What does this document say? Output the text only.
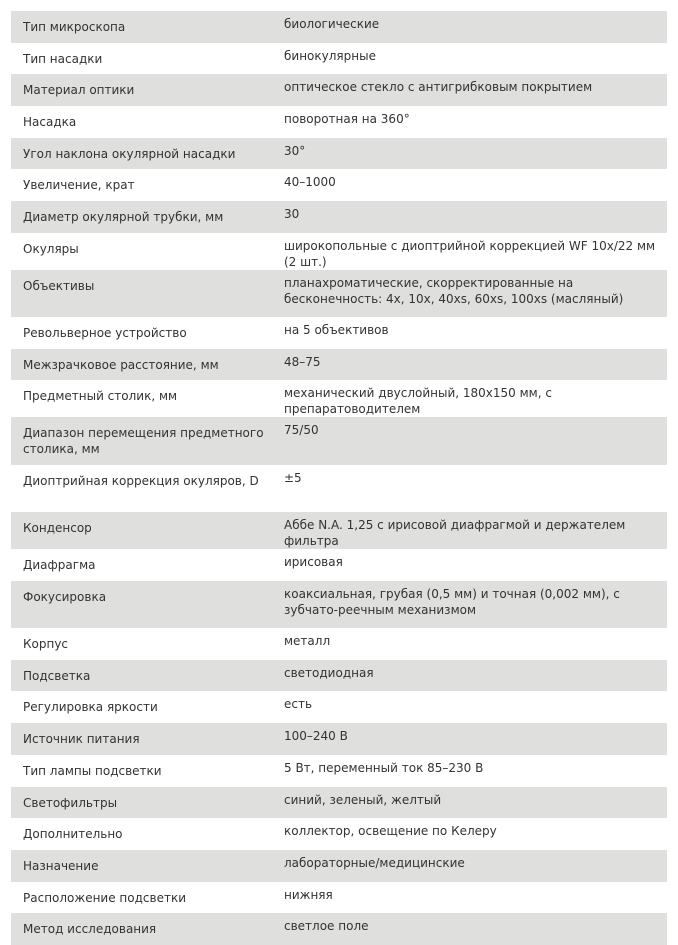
Тип микроскопа	биологические
Тип насадки	бинокулярные
Материал оптики	оптическое стекло с антигрибковым покрытием
Насадка	поворотная на 360°
Угол наклона окулярной насадки	30°
Увеличение, крат	40–1000
Диаметр окулярной трубки, мм	30
Окуляры	широкопольные с диоптрийной коррекцией WF 10x/22 мм (2 шт.)
Объективы	планахроматические, скорректированные на бесконечность: 4x, 10x, 40xs, 60xs, 100xs (масляный)
Револьверное устройство	на 5 объективов
Межзрачковое расстояние, мм	48–75
Предметный столик, мм	механический двуслойный, 180x150 мм, с препаратоводителем
Диапазон перемещения предметного столика, мм	75/50
Диоптрийная коррекция окуляров, D	±5
Конденсор	Аббе N.A. 1,25 с ирисовой диафрагмой и держателем фильтра
Диафрагма	ирисовая
Фокусировка	коаксиальная, грубая (0,5 мм) и точная (0,002 мм), с зубчато-реечным механизмом
Корпус	металл
Подсветка	светодиодная
Регулировка яркости	есть
Источник питания	100–240 В
Тип лампы подсветки	5 Вт, переменный ток 85–230 В
Светофильтры	синий, зеленый, желтый
Дополнительно	коллектор, освещение по Келеру
Назначение	лабораторные/медицинские
Расположение подсветки	нижняя
Метод исследования	светлое поле
